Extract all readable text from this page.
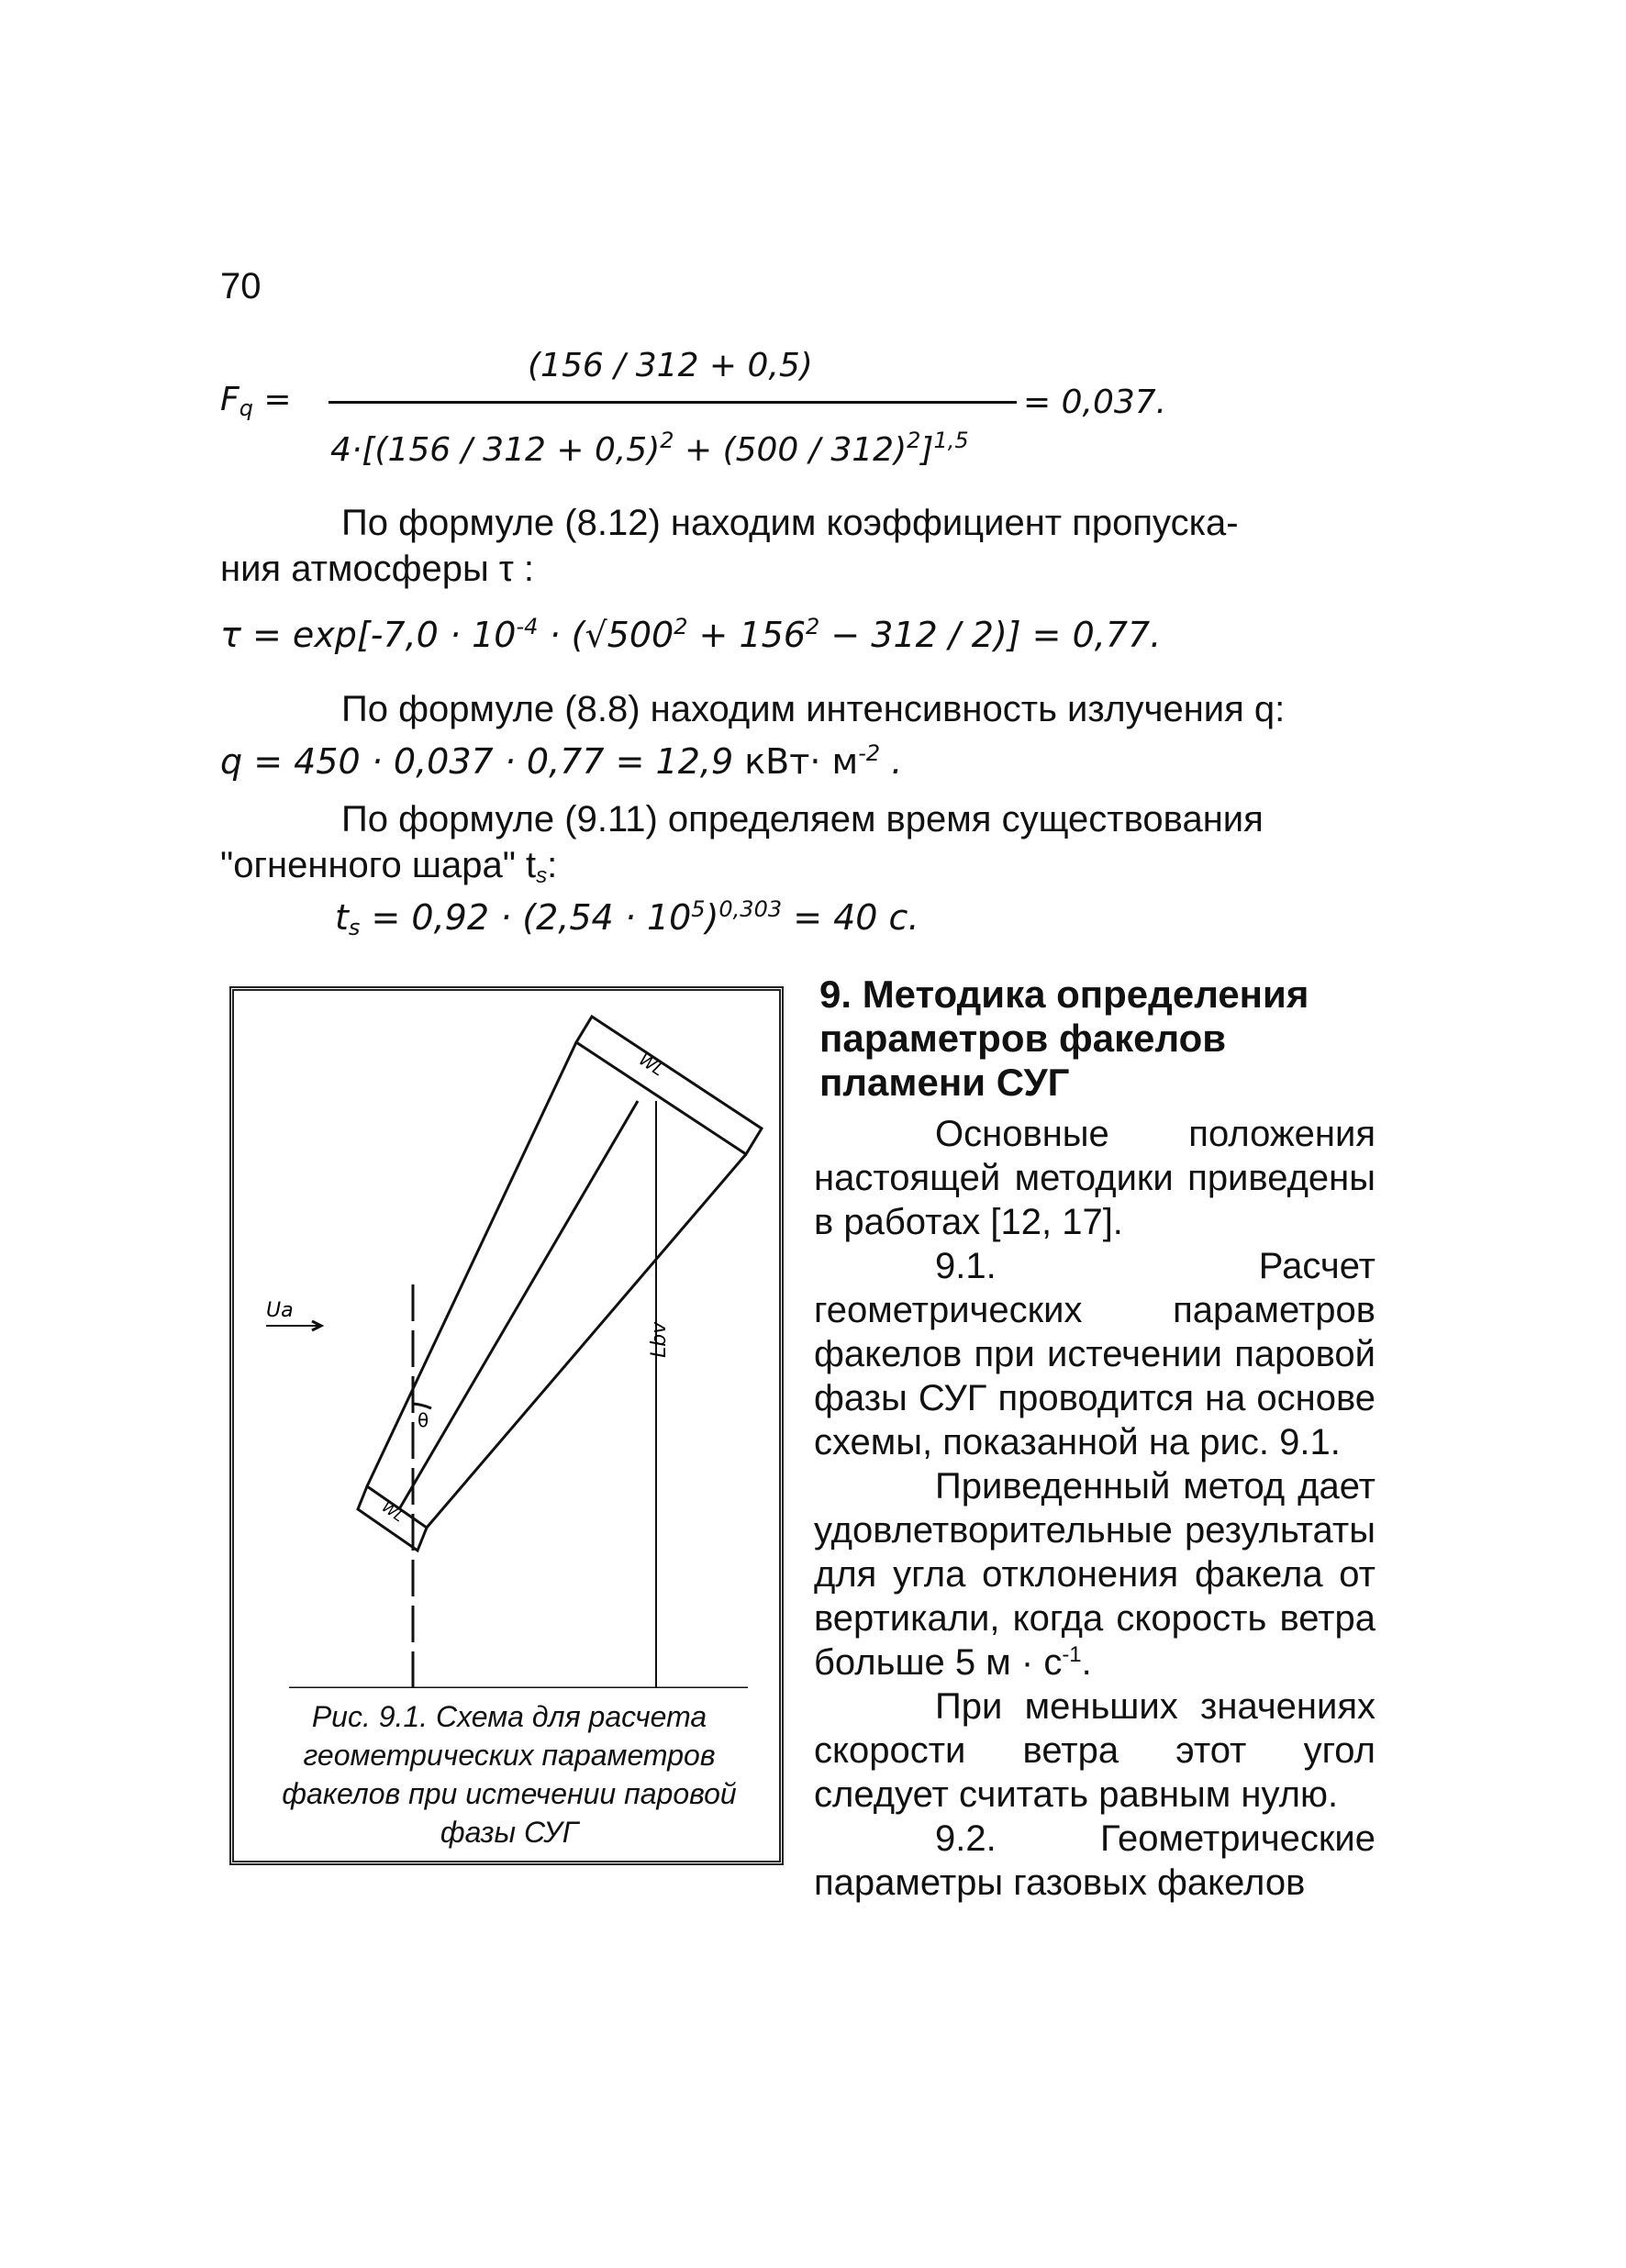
70
$F_q$ =
(156 / 312 + 0,5)
$4\cdot[(156 / 312 + 0,5)^2 + (500 / 312)^2]^{1,5}$
= 0,037.
По формуле (8.12) находим коэффициент пропуска-
ния атмосферы τ :
$\tau = \exp[-7,0 \cdot 10^{-4} \cdot (√500^2 + 156^2 - 312 / 2)] = 0,77$.
По формуле (8.8) находим интенсивность излучения q:
q = 450 · 0,037 · 0,77 = 12,9 $кВт\cdot м^{-2}$ .
По формуле (9.11) определяем время существования
"огненного шара" $t_s$:
$t_s = 0,92 \cdot (2,54 \cdot 10^5)^{0,303} = 40$ с.
9. Методика определения параметров факелов пламени СУГ
Основные положения настоящей методики приведены в работах [12, 17].
9.1. Расчет геометрических параметров факелов при истечении паровой фазы СУГ проводится на основе схемы, показанной на рис. 9.1.
Приведенный метод дает удовлетворительные результаты для угла отклонения факела от вертикали, когда скорость ветра больше 5 $м \cdot с^{-1}$.
При меньших значениях скорости ветра этот угол следует считать равным нулю.
9.2. Геометрические параметры газовых факелов
Ua
WL
WL
θ
Lbv
Рис. 9.1. Схема для расчета геометрических параметров факелов при истечении паровой фазы СУГ
